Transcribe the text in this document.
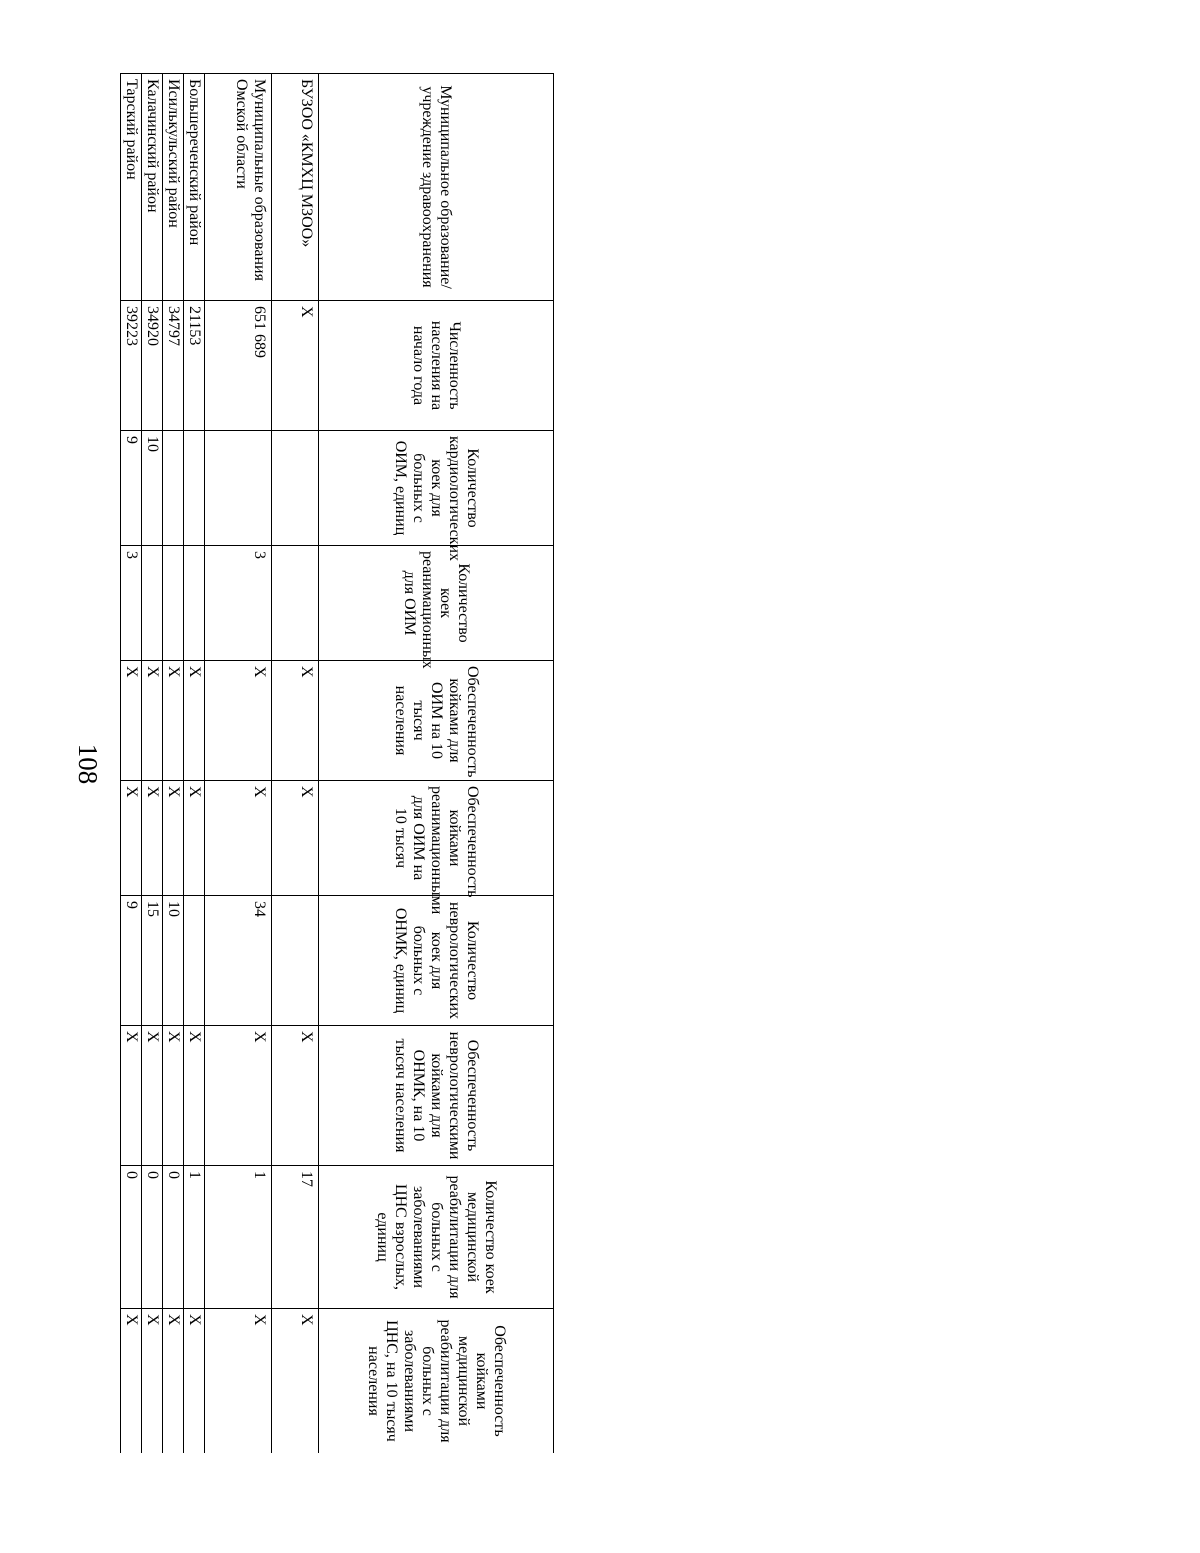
108
Муниципальное образование/ учреждение здравоохранения	Численность населения на начало года	Количество кардиологических коек для больных с ОИМ, единиц	Количество коек реанимационных для ОИМ	Обеспеченность койками для ОИМ на 10 тысяч населения	Обеспеченность койками реанимационными для ОИМ на 10 тысяч	Количество неврологических коек для больных с ОНМК, единиц	Обеспеченность неврологическими койками для ОНМК, на 10 тысяч населения	Количество коек медицинской реабилитации для больных с заболеваниями ЦНС взрослых, единиц	Обеспеченность койками медицинской реабилитации для больных с заболеваниями ЦНС, на 10 тысяч населения
БУЗОО «КМХЦ МЗОО»	Х			Х	Х		Х	17	Х
Муниципальные образования Омской области	651 689		3	Х	Х	34	Х	1	Х
Большереченский район	21153			Х	Х		Х	1	Х
Исилькульский район	34797			Х	Х	10	Х	0	Х
Калачинский район	34920	10		Х	Х	15	Х	0	Х
Тарский район	39223	9	3	Х	Х	9	Х	0	Х
